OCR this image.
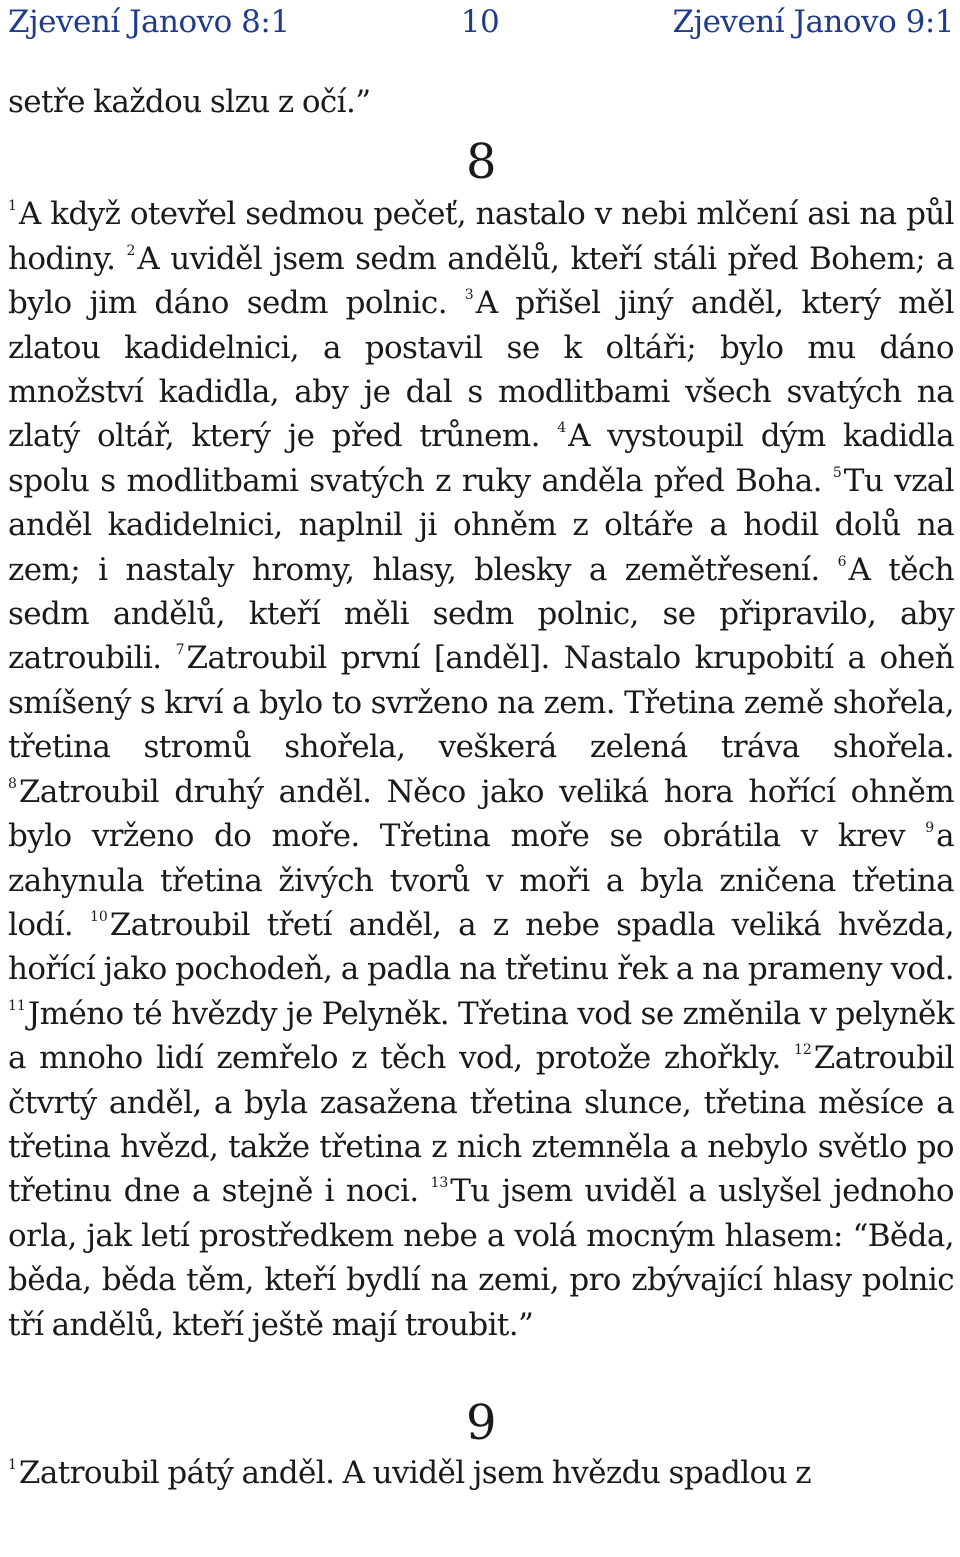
Zjevení Janovo 8:1	10	Zjevení Janovo 9:1

setře každou slzu z očí.”

8

$^1$A když otevřel sedmou pečeť, nastalo v nebi mlčení asi na půl hodiny. $^2$A uviděl jsem sedm andělů, kteří stáli před Bohem; a bylo jim dáno sedm polnic. $^3$A přišel jiný anděl, který měl zlatou kadidelnici, a postavil se k oltáři; bylo mu dáno množství kadidla, aby je dal s modlitbami všech svatých na zlatý oltář, který je před trůnem. $^4$A vystoupil dým kadidla spolu s modlitbami svatých z ruky anděla před Boha. $^5$Tu vzal anděl kadidelnici, naplnil ji ohněm z oltáře a hodil dolů na zem; i nastaly hromy, hlasy, blesky a zemětřesení. $^6$A těch sedm andělů, kteří měli sedm polnic, se připravilo, aby zatroubili. $^7$Zatroubil první [anděl]. Nastalo krupobití a oheň smíšený s krví a bylo to svrženo na zem. Třetina země shořela, třetina stromů shořela, veškerá zelená tráva shořela. $^8$Zatroubil druhý anděl. Něco jako veliká hora hořící ohněm bylo vrženo do moře. Třetina moře se obrátila v krev $^9$a zahynula třetina živých tvorů v moři a byla zničena třetina lodí. $^{10}$Zatroubil třetí anděl, a z nebe spadla veliká hvězda, hořící jako pochodeň, a padla na třetinu řek a na prameny vod. $^{11}$Jméno té hvězdy je Pelyněk. Třetina vod se změnila v pelyněk a mnoho lidí zemřelo z těch vod, protože zhořkly. $^{12}$Zatroubil čtvrtý anděl, a byla zasažena třetina slunce, třetina měsíce a třetina hvězd, takže třetina z nich ztemněla a nebylo světlo po třetinu dne a stejně i noci. $^{13}$Tu jsem uviděl a uslyšel jednoho orla, jak letí prostředkem nebe a volá mocným hlasem: “Běda, běda, běda těm, kteří bydlí na zemi, pro zbývající hlasy polnic tří andělů, kteří ještě mají troubit.”

9

$^1$Zatroubil pátý anděl. A uviděl jsem hvězdu spadlou z
